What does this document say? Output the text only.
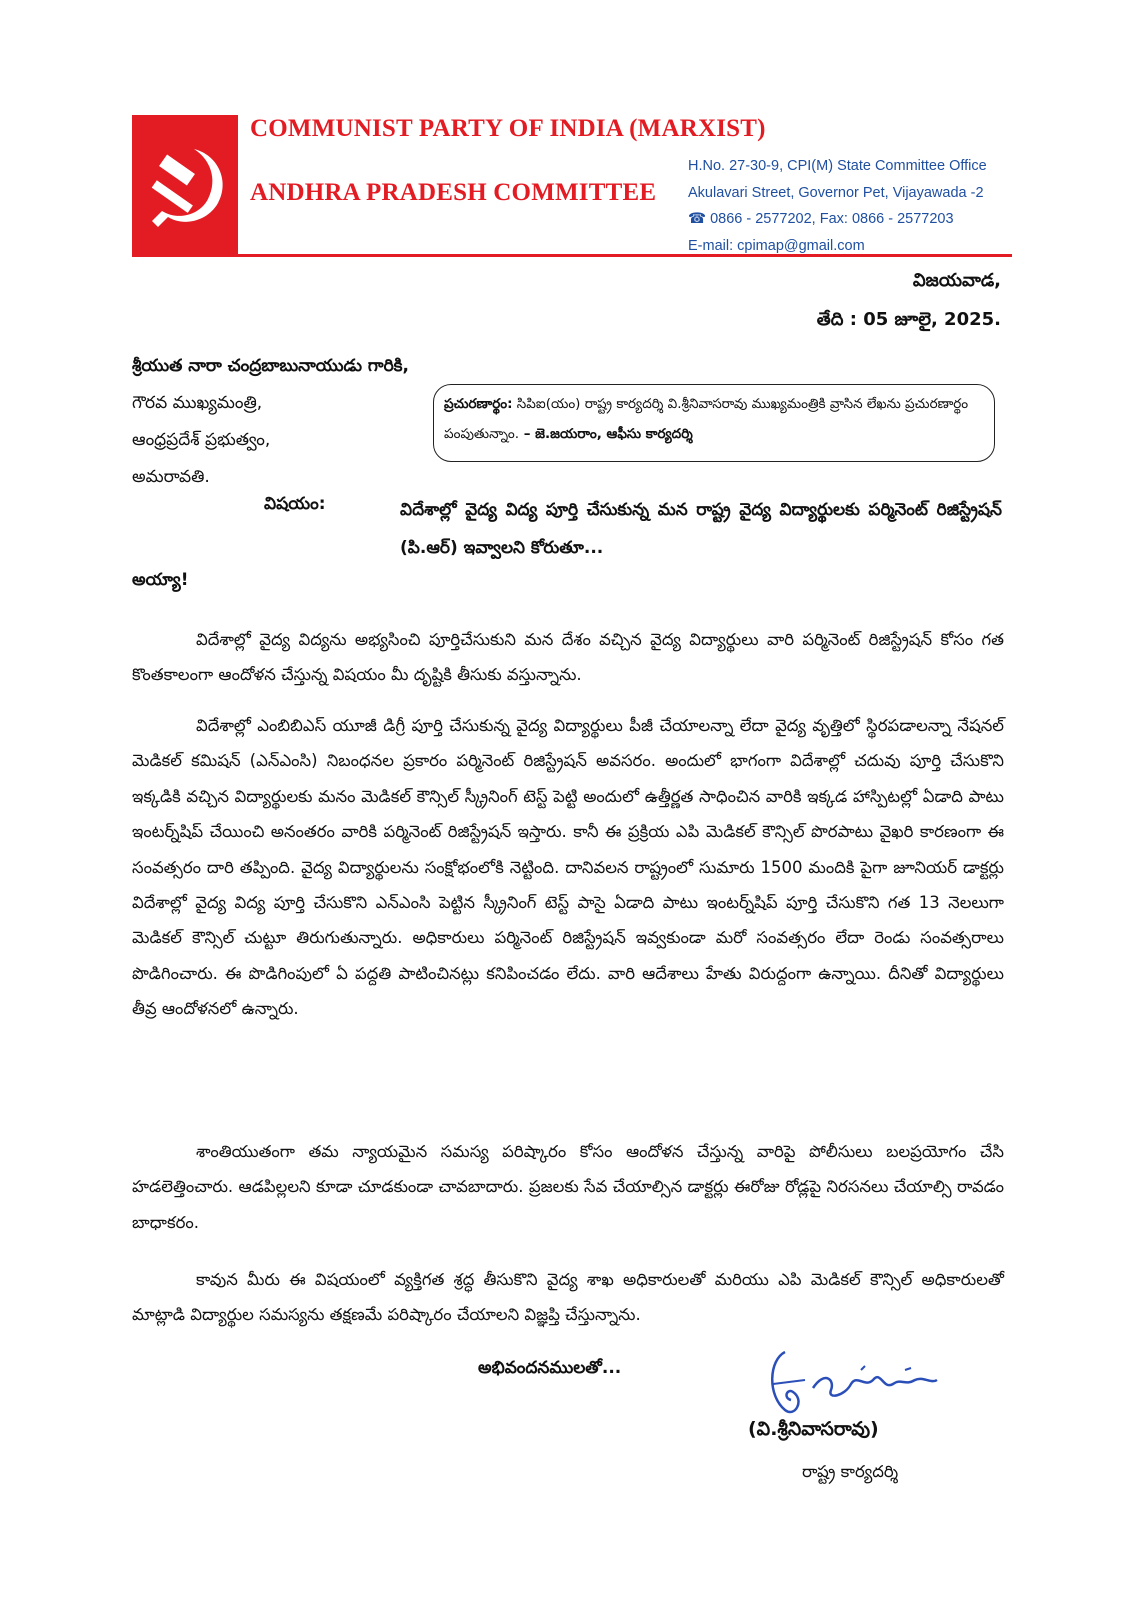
COMMUNIST PARTY OF INDIA (MARXIST)
ANDHRA PRADESH COMMITTEE
H.No. 27-30-9, CPI(M) State Committee Office
Akulavari Street, Governor Pet, Vijayawada -2
☎ 0866 - 2577202, Fax: 0866 - 2577203
E-mail: cpimap@gmail.com
విజయవాడ,
తేది : 05 జూలై, 2025.
శ్రీయుత నారా చంద్రబాబునాయుడు గారికి,
గౌరవ ముఖ్యమంత్రి,
ఆంధ్రప్రదేశ్ ప్రభుత్వం,
అమరావతి.
ప్రచురణార్థం: సిపిఐ(యం) రాష్ట్ర కార్యదర్శి వి.శ్రీనివాసరావు ముఖ్యమంత్రికి వ్రాసిన లేఖను ప్రచురణార్థం పంపుతున్నాం. – జె.జయరాం, ఆఫీసు కార్యదర్శి
విషయం:	విదేశాల్లో వైద్య విద్య పూర్తి చేసుకున్న మన రాష్ట్ర వైద్య విద్యార్థులకు పర్మినెంట్ రిజిస్ట్రేషన్ (పి.ఆర్) ఇవ్వాలని కోరుతూ...
అయ్యా!
విదేశాల్లో వైద్య విద్యను అభ్యసించి పూర్తిచేసుకుని మన దేశం వచ్చిన వైద్య విద్యార్థులు వారి పర్మినెంట్ రిజిస్ట్రేషన్ కోసం గత కొంతకాలంగా ఆందోళన చేస్తున్న విషయం మీ దృష్టికి తీసుకు వస్తున్నాను.
విదేశాల్లో ఎంబిబిఎస్ యూజీ డిగ్రీ పూర్తి చేసుకున్న వైద్య విద్యార్థులు పీజీ చేయాలన్నా లేదా వైద్య వృత్తిలో స్థిరపడాలన్నా నేషనల్ మెడికల్ కమిషన్ (ఎన్ఎంసి) నిబంధనల ప్రకారం పర్మినెంట్ రిజిస్ట్రేషన్ అవసరం. అందులో భాగంగా విదేశాల్లో చదువు పూర్తి చేసుకొని ఇక్కడికి వచ్చిన విద్యార్థులకు మనం మెడికల్ కౌన్సిల్ స్క్రీనింగ్ టెస్ట్ పెట్టి అందులో ఉత్తీర్ణత సాధించిన వారికి ఇక్కడ హాస్పిటల్లో ఏడాది పాటు ఇంటర్న్‌షిప్ చేయించి అనంతరం వారికి పర్మినెంట్ రిజిస్ట్రేషన్ ఇస్తారు. కానీ ఈ ప్రక్రియ ఎపి మెడికల్ కౌన్సిల్ పొరపాటు వైఖరి కారణంగా ఈ సంవత్సరం దారి తప్పింది. వైద్య విద్యార్థులను సంక్షోభంలోకి నెట్టింది. దానివలన రాష్ట్రంలో సుమారు 1500 మందికి పైగా జూనియర్ డాక్టర్లు విదేశాల్లో వైద్య విద్య పూర్తి చేసుకొని ఎన్ఎంసి పెట్టిన స్క్రీనింగ్ టెస్ట్ పాసై ఏడాది పాటు ఇంటర్న్‌షిప్ పూర్తి చేసుకొని గత 13 నెలలుగా మెడికల్ కౌన్సిల్ చుట్టూ తిరుగుతున్నారు. అధికారులు పర్మినెంట్ రిజిస్ట్రేషన్ ఇవ్వకుండా మరో సంవత్సరం లేదా రెండు సంవత్సరాలు పొడిగించారు. ఈ పొడిగింపులో ఏ పద్దతి పాటించినట్లు కనిపించడం లేదు. వారి ఆదేశాలు హేతు విరుద్దంగా ఉన్నాయి. దీనితో విద్యార్థులు తీవ్ర ఆందోళనలో ఉన్నారు.
శాంతియుతంగా తమ న్యాయమైన సమస్య పరిష్కారం కోసం ఆందోళన చేస్తున్న వారిపై పోలీసులు బలప్రయోగం చేసి హడలెత్తించారు. ఆడపిల్లలని కూడా చూడకుండా చావబాదారు. ప్రజలకు సేవ చేయాల్సిన డాక్టర్లు ఈరోజు రోడ్లపై నిరసనలు చేయాల్సి రావడం బాధాకరం.
కావున మీరు ఈ విషయంలో వ్యక్తిగత శ్రద్ధ తీసుకొని వైద్య శాఖ అధికారులతో మరియు ఎపి మెడికల్ కౌన్సిల్ అధికారులతో మాట్లాడి విద్యార్థుల సమస్యను తక్షణమే పరిష్కారం చేయాలని విజ్ఞప్తి చేస్తున్నాను.
అభివందనములతో...
(వి.శ్రీనివాసరావు)
రాష్ట్ర కార్యదర్శి
